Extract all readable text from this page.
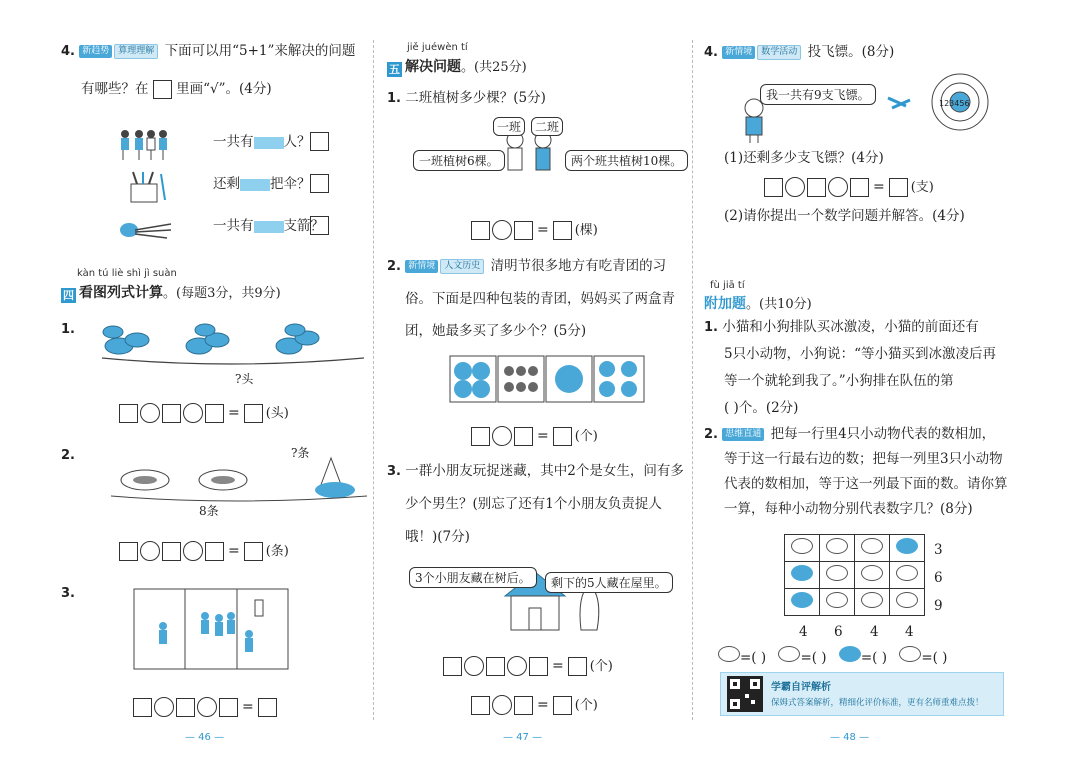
4. 新趋势 算理理解 下面可以用“5+1”来解决的问题
有哪些？在 里画“√”。(4分)
一共有 人？
还剩 把伞？
一共有 支箭？
kàn tú liè shì jì suàn
四 看图列式计算。(每题3分，共9分)
1.
?头
= (头)
2.	?条
8条
= (条)
3.
=
— 46 —
jiě juéwèn tí
五 解决问题。(共25分)
1. 二班植树多少棵？(5分)
一班	二班
一班植树6棵。	两个班共植树10棵。
= (棵)
2. 新情境 人文历史 清明节很多地方有吃青团的习
俗。下面是四种包装的青团，妈妈买了两盒青
团，她最多买了多少个？(5分)
= (个)
3. 一群小朋友玩捉迷藏，其中2个是女生，问有多
少个男生？(别忘了还有1个小朋友负责捉人
哦！)(7分)
3个小朋友藏在树后。	剩下的5人藏在屋里。
= (个)
= (个)
— 47 —
4. 新情境 数学活动 投飞镖。(8分)
我一共有9支飞镖。
123456
(1)还剩多少支飞镖？(4分)
= (支)
(2)请你提出一个数学问题并解答。(4分)
fù jiā tí
附加题。(共10分)
1. 小猫和小狗排队买冰激凌，小猫的前面还有
5只小动物，小狗说：“等小猫买到冰激凌后再
等一个就轮到我了。”小狗排在队伍的第
( )个。(2分)
2. 思维直通 把每一行里4只小动物代表的数相加，
等于这一行最右边的数；把每一列里3只小动物
代表的数相加，等于这一列最下面的数。请你算
一算，每种小动物分别代表数字几？(8分)

3
6
9
4 6 4 4
=( )	=( )	=( )	=( )
学霸自评解析
保姆式答案解析，精细化评价标准，更有名师重难点拨！
— 48 —
